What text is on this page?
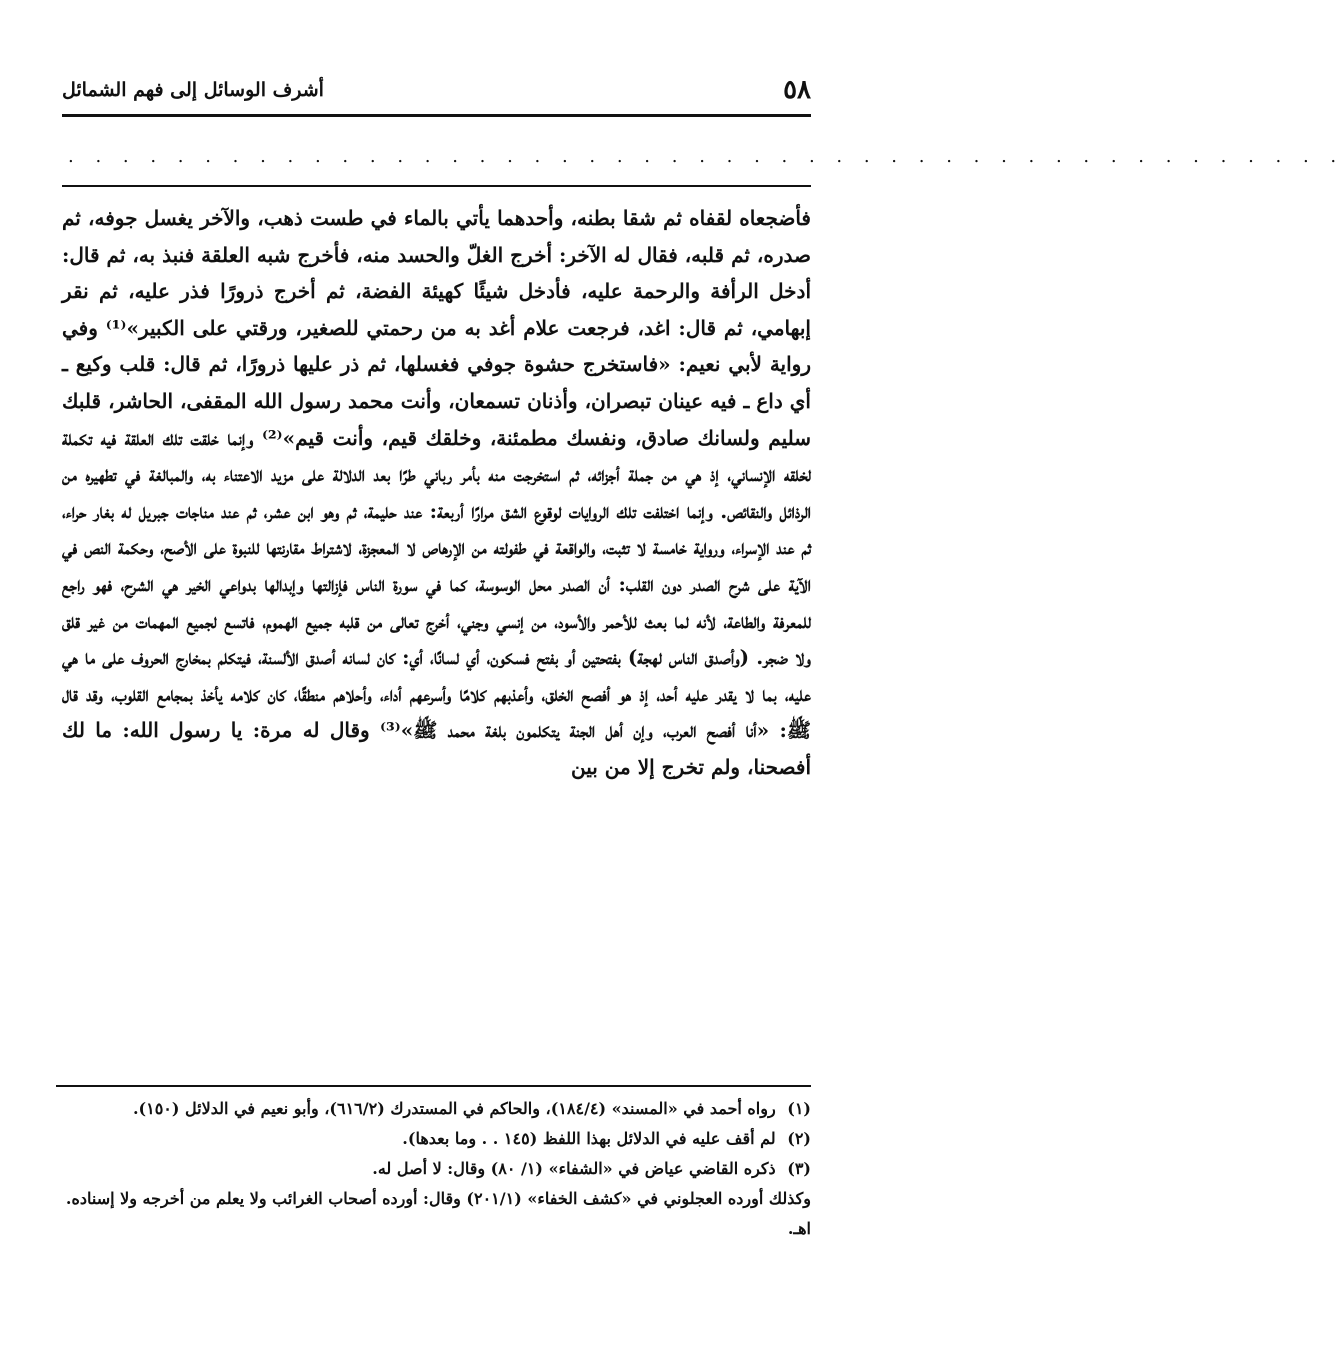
٥٨
أشرف الوسائل إلى فهم الشمائل
. . . . . . . . . . . . . . . . . . . . . . . . . . . . . . . . . . . . . . . . . . . . . . .
فأضجعاه لقفاه ثم شقا بطنه، وأحدهما يأتي بالماء في طست ذهب، والآخر يغسل جوفه، ثم صدره، ثم قلبه، فقال له الآخر: أخرج الغلّ والحسد منه، فأخرج شبه العلقة فنبذ به، ثم قال: أدخل الرأفة والرحمة عليه، فأدخل شيئًا كهيئة الفضة، ثم أخرج ذرورًا فذر عليه، ثم نقر إبهامي، ثم قال: اغد، فرجعت علام أغد به من رحمتي للصغير، ورقتي على الكبير»⁽¹⁾ وفي رواية لأبي نعيم: «فاستخرج حشوة جوفي فغسلها، ثم ذر عليها ذرورًا، ثم قال: قلب وكيع ـ أي داع ـ فيه عينان تبصران، وأذنان تسمعان، وأنت محمد رسول الله المقفى، الحاشر، قلبك سليم ولسانك صادق، ونفسك مطمئنة، وخلقك قيم، وأنت قيم»⁽²⁾ وإنما خلقت تلك العلقة فيه تكملة لخلقه الإنساني، إذ هي من جملة أجزائه، ثم استخرجت منه بأمر رباني طرًا بعد الدلالة على مزيد الاعتناء به، والمبالغة في تطهيره من الرذائل والنقائص. وإنما اختلفت تلك الروايات لوقوع الشق مرارًا أربعة: عند حليمة، ثم وهو ابن عشر، ثم عند مناجات جبريل له بغار حراء، ثم عند الإسراء، ورواية خامسة لا تثبت، والواقعة في طفولته من الإرهاص لا المعجزة، لاشتراط مقارنتها للنبوة على الأصح، وحكمة النص في الآية على شرح الصدر دون القلب: أن الصدر محل الوسوسة، كما في سورة الناس فإزالتها وإبدالها بدواعي الخير هي الشرح، فهو راجع للمعرفة والطاعة، لأنه لما بعث للأحمر والأسود، من إنسي وجني، أخرج تعالى من قلبه جميع الهموم، فاتسع لجميع المهمات من غير قلق ولا ضجر. (وأصدق الناس لهجة) بفتحتين أو بفتح فسكون، أي لسانًا، أي: كان لسانه أصدق الألسنة، فيتكلم بمخارج الحروف على ما هي عليه، بما لا يقدر عليه أحد، إذ هو أفصح الخلق، وأعذبهم كلامًا وأسرعهم أداء، وأحلاهم منطقًا، كان كلامه يأخذ بمجامع القلوب، وقد قال ﷺ: «أنا أفصح العرب، وإن أهل الجنة يتكلمون بلغة محمد ﷺ»⁽³⁾ وقال له مرة: يا رسول الله: ما لك أفصحنا، ولم تخرج إلا من بين

(١) رواه أحمد في «المسند» (١٨٤/٤)، والحاكم في المستدرك (٦١٦/٢)، وأبو نعيم في الدلائل (١٥٠).

(٢) لم أقف عليه في الدلائل بهذا اللفظ (١٤٥ . . وما بعدها).

(٣) ذكره القاضي عياض في «الشفاء» (١/ ٨٠) وقال: لا أصل له.

وكذلك أورده العجلوني في «كشف الخفاء» (٢٠١/١) وقال: أورده أصحاب الغرائب ولا يعلم من أخرجه ولا إسناده. اهـ.
